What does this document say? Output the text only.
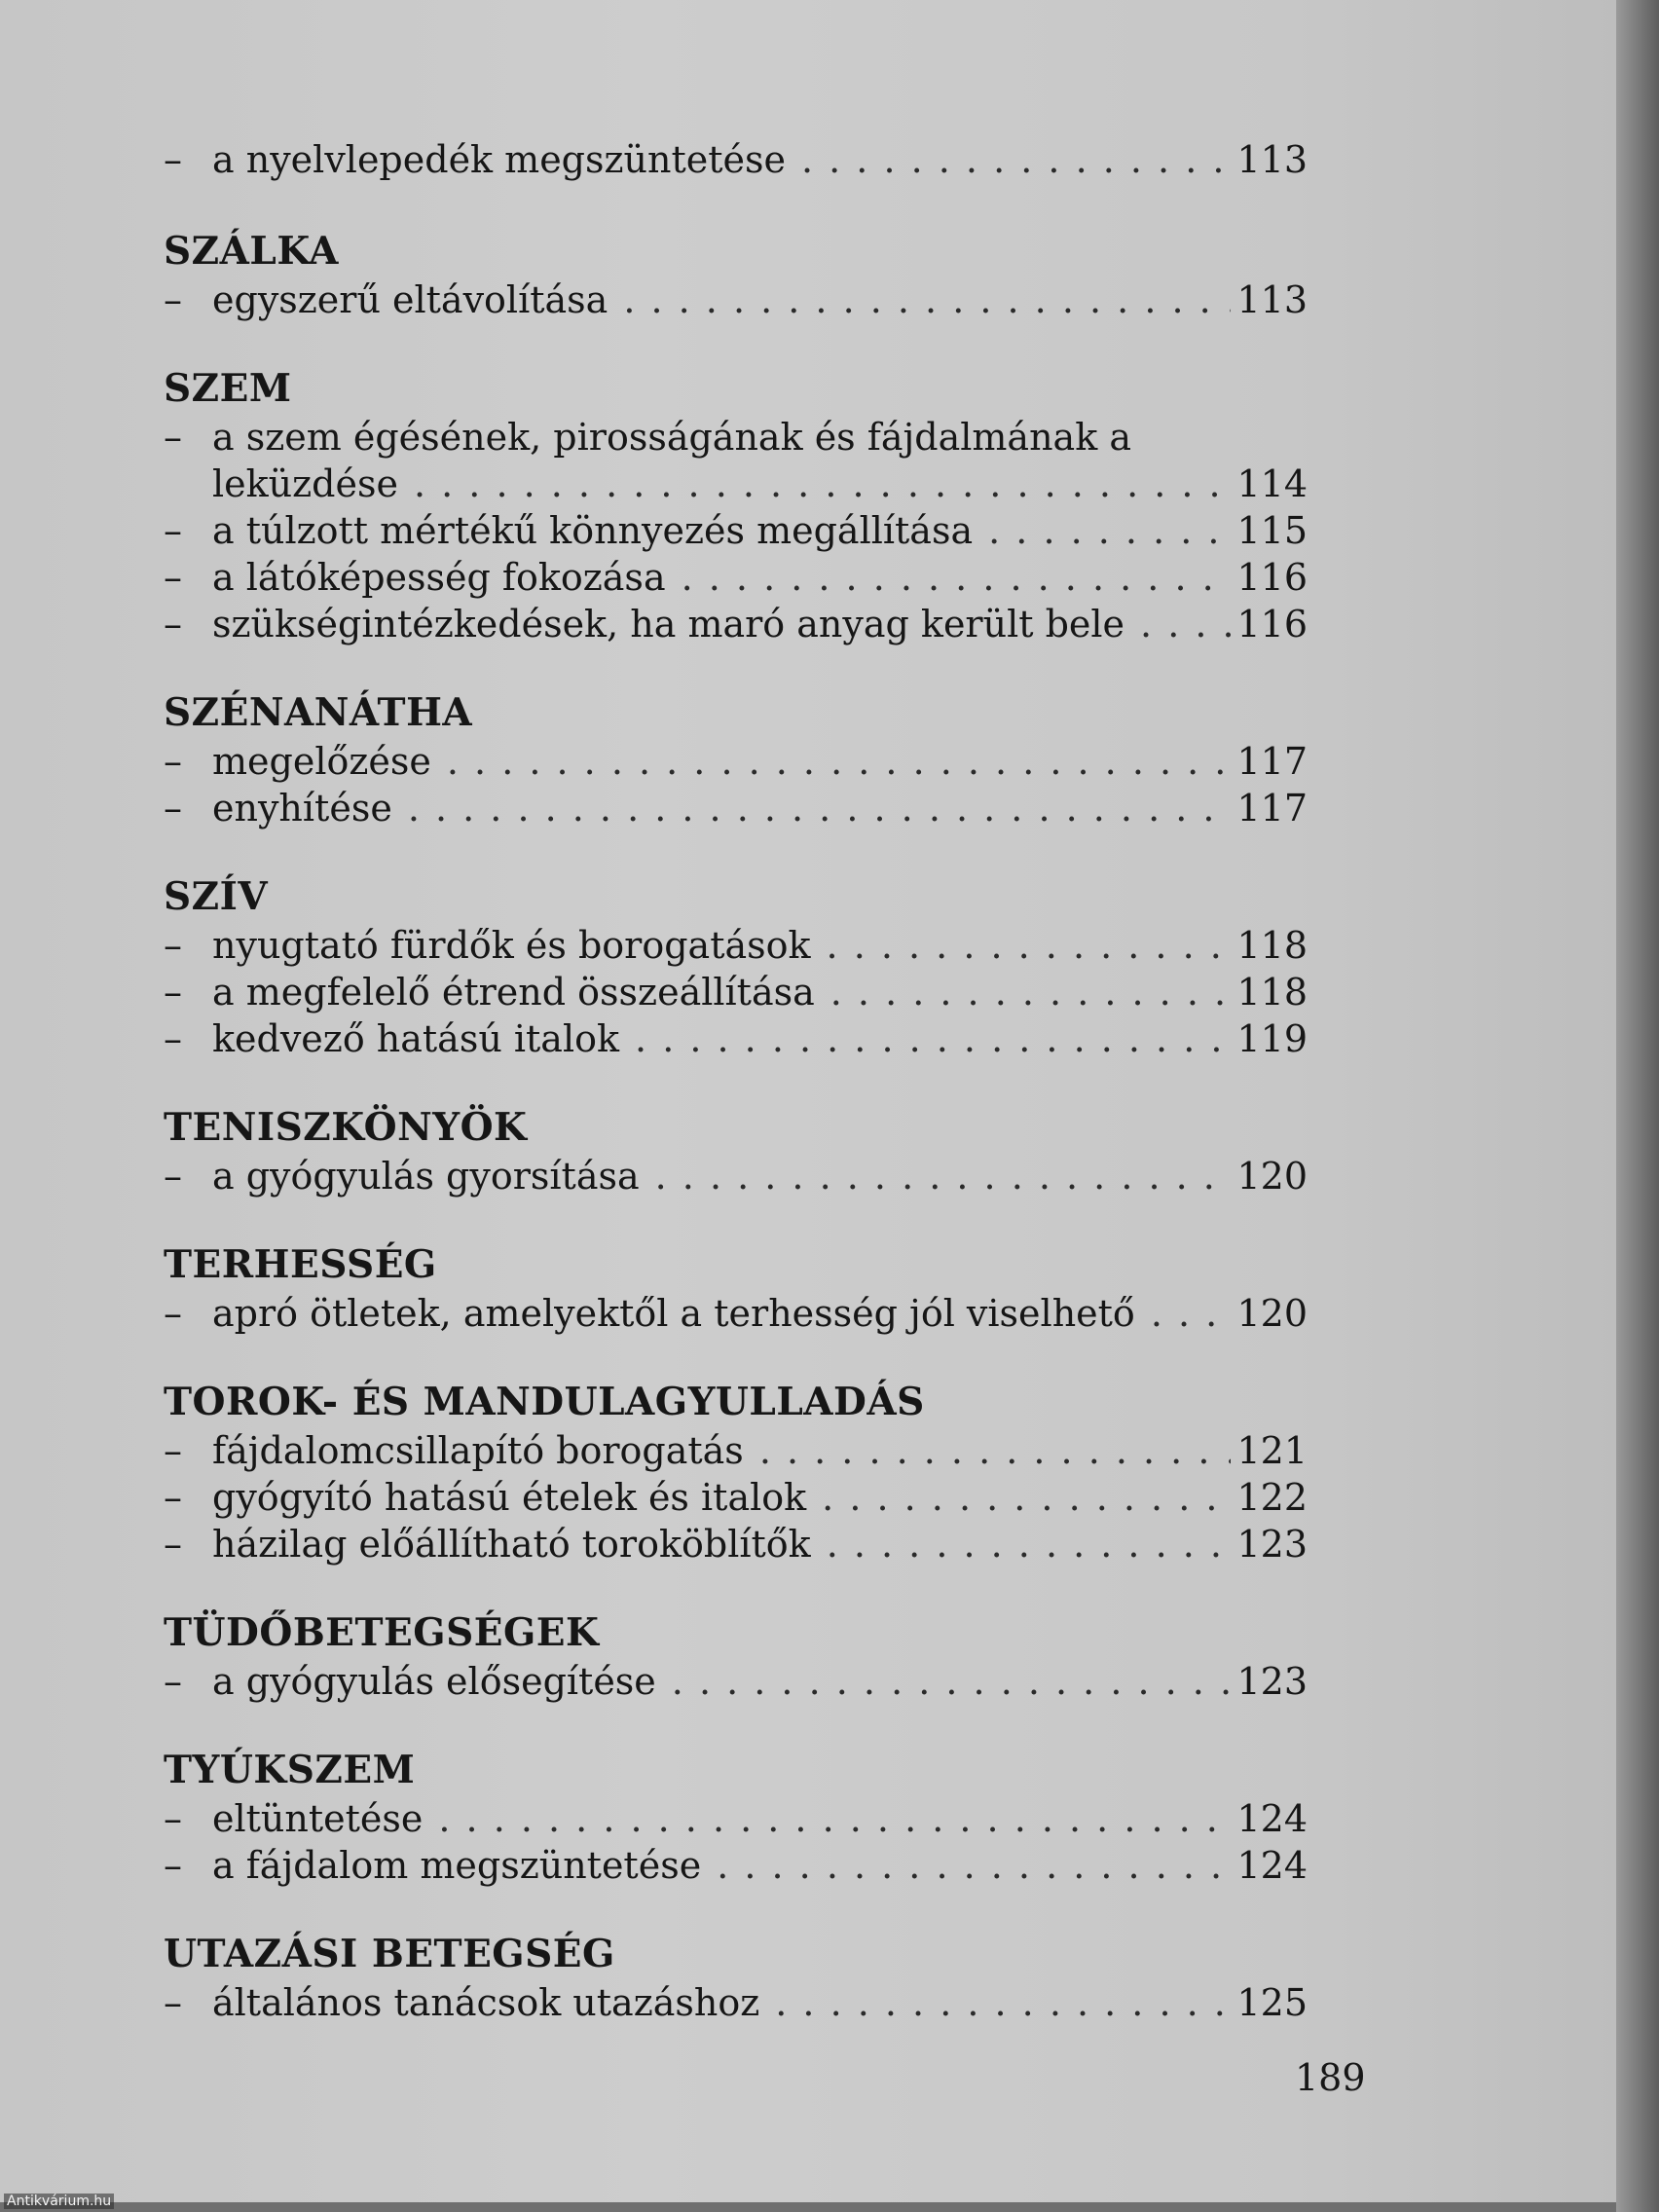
– a nyelvlepedék megszüntetése . . .	113
SZÁLKA
– egyszerű eltávolítása . . .	113
SZEM
– a szem égésének, pirosságának és fájdalmának a
leküzdése . . .	114
– a túlzott mértékű könnyezés megállítása . . .	115
– a látóképesség fokozása . . .	116
– szükségintézkedések, ha maró anyag került bele . . .	116
SZÉNANÁTHA
– megelőzése . . .	117
– enyhítése . . .	117
SZÍV
– nyugtató fürdők és borogatások . . .	118
– a megfelelő étrend összeállítása . . .	118
– kedvező hatású italok . . .	119
TENISZKÖNYÖK
– a gyógyulás gyorsítása . . .	120
TERHESSÉG
– apró ötletek, amelyektől a terhesség jól viselhető . . .	120
TOROK- ÉS MANDULAGYULLADÁS
– fájdalomcsillapító borogatás . . .	121
– gyógyító hatású ételek és italok . . .	122
– házilag előállítható toroköblítők . . .	123
TÜDŐBETEGSÉGEK
– a gyógyulás elősegítése . . .	123
TYÚKSZEM
– eltüntetése . . .	124
– a fájdalom megszüntetése . . .	124
UTAZÁSI BETEGSÉG
– általános tanácsok utazáshoz . . .	125
189
Antikvárium.hu
